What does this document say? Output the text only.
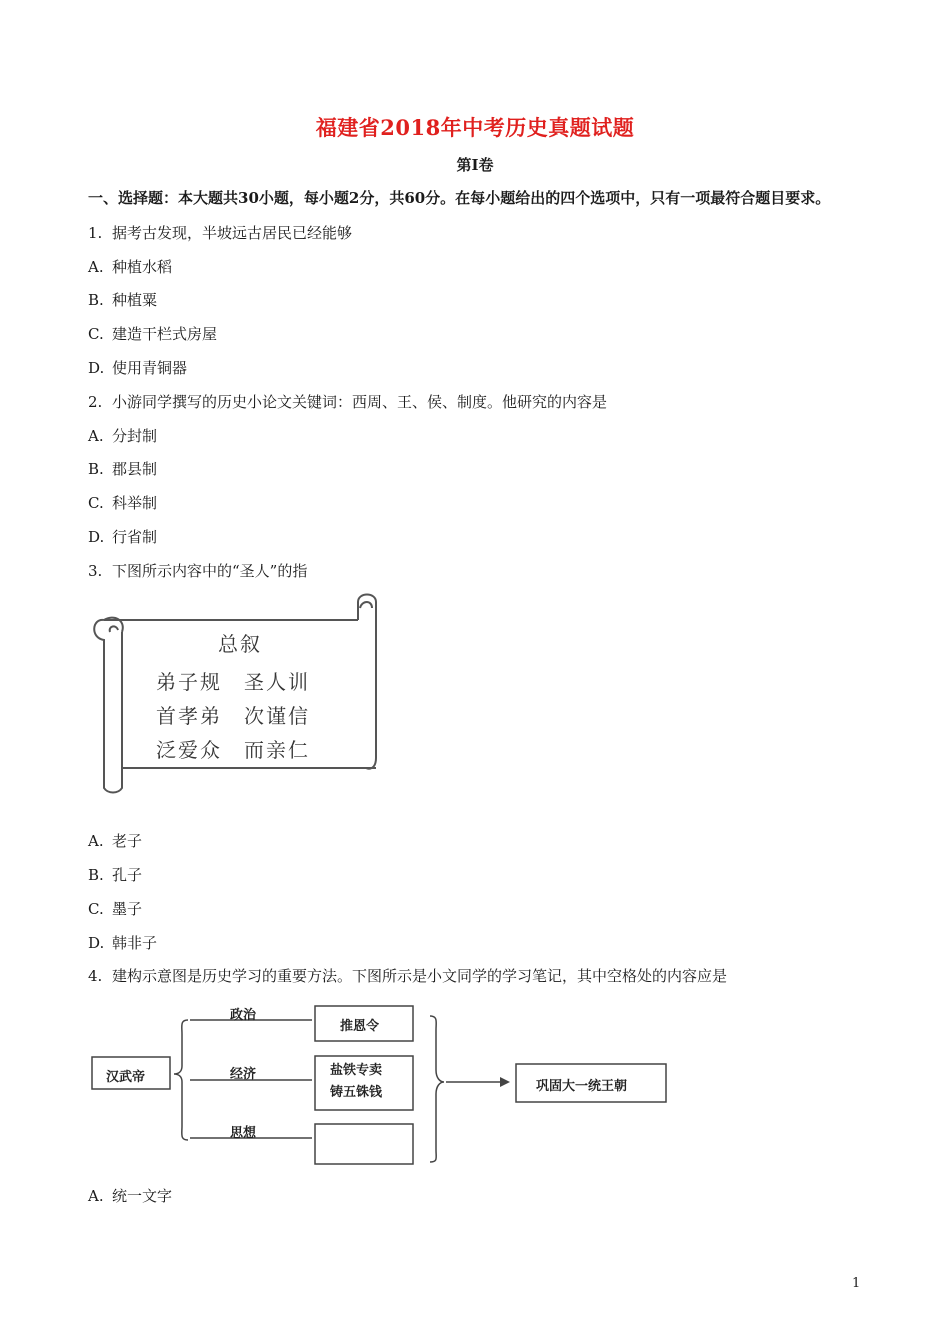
福建省2018年中考历史真题试题
第Ⅰ卷
一、选择题：本大题共30小题，每小题2分，共60分。在每小题给出的四个选项中，只有一项最符合题目要求。
1. 据考古发现，半坡远古居民已经能够
A. 种植水稻
B. 种植粟
C. 建造干栏式房屋
D. 使用青铜器
2. 小游同学撰写的历史小论文关键词：西周、王、侯、制度。他研究的内容是
A. 分封制
B. 郡县制
C. 科举制
D. 行省制
3. 下图所示内容中的“圣人”的指
总叙
弟子规　圣人训
首孝弟　次谨信
泛爱众　而亲仁
A. 老子
B. 孔子
C. 墨子
D. 韩非子
4. 建构示意图是历史学习的重要方法。下图所示是小文同学的学习笔记，其中空格处的内容应是
汉武帝
政治
经济
思想
推恩令
盐铁专卖
铸五铢钱	巩固大一统王朝
A. 统一文字
1
